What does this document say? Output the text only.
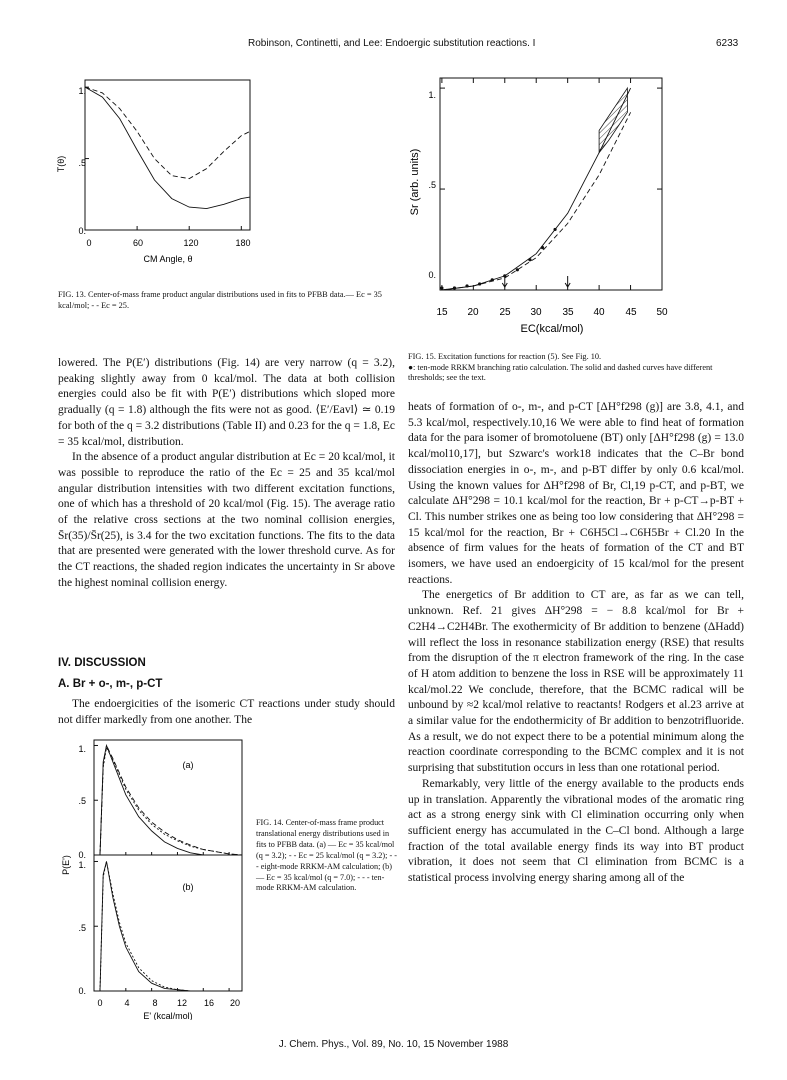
Robinson, Continetti, and Lee: Endoergic substitution reactions. I	6233
1.
.5
0.
0	60	120	180
CM Angle, θ
T(θ)
FIG. 13. Center-of-mass frame product angular distributions used in fits to PFBB data.— Ec = 35 kcal/mol; - - Ec = 25.
1.
.5
0.
15 20 25 30 35 40 45 50
EC(kcal/mol)
Sr (arb. units)
FIG. 15. Excitation functions for reaction (5). See Fig. 10.
●: ten-mode RRKM branching ratio calculation. The solid and dashed curves have different thresholds; see the text.

lowered. The P(E′) distributions (Fig. 14) are very narrow (q = 3.2), peaking slightly away from 0 kcal/mol. The data at both collision energies could also be fit with P(E′) distributions which sloped more gradually (q = 1.8) although the fits were not as good. ⟨E′/Eavl⟩ ≃ 0.19 for both of the q = 3.2 distributions (Table II) and 0.23 for the q = 1.8, Ec = 35 kcal/mol, distribution.

In the absence of a product angular distribution at Ec = 20 kcal/mol, it was possible to reproduce the ratio of the Ec = 25 and 35 kcal/mol angular distribution intensities with two different excitation functions, one of which has a threshold of 20 kcal/mol (Fig. 15). The average ratio of the relative cross sections at the two nominal collision energies, S̄r(35)/S̄r(25), is 3.4 for the two excitation functions. The fits to the data that are presented were generated with the lower threshold curve. As for the CT reactions, the shaded region indicates the uncertainty in Sr above the highest nominal collision energy.

IV. DISCUSSION
A. Br + o-, m-, p-CT

The endoergicities of the isomeric CT reactions under study should not differ markedly from one another. The

(a)
(b)
1.
.5
0.
1.
.5
0.
0 4	8 12 16 20
E' (kcal/mol)
P(E')
FIG. 14. Center-of-mass frame product translational energy distributions used in fits to PFBB data. (a) — Ec = 35 kcal/mol (q = 3.2); - - Ec = 25 kcal/mol (q = 3.2); - - - eight-mode RRKM-AM calculation; (b) — Ec = 35 kcal/mol (q = 7.0); - - - ten-mode RRKM-AM calculation.

heats of formation of o-, m-, and p-CT [ΔH°f298 (g)] are 3.8, 4.1, and 5.3 kcal/mol, respectively.10,16 We were able to find heat of formation data for the para isomer of bromotoluene (BT) only [ΔH°f298 (g) = 13.0 kcal/mol10,17], but Szwarc's work18 indicates that the C–Br bond dissociation energies in o-, m-, and p-BT differ by only 0.6 kcal/mol. Using the known values for ΔH°f298 of Br, Cl,19 p-CT, and p-BT, we calculate ΔH°298 = 10.1 kcal/mol for the reaction, Br + p-CT→p-BT + Cl. This number strikes one as being too low considering that ΔH°298 = 15 kcal/mol for the reaction, Br + C6H5Cl→C6H5Br + Cl.20 In the absence of firm values for the heats of formation of the CT and BT isomers, we have used an endoergicity of 15 kcal/mol for the present reactions.

The energetics of Br addition to CT are, as far as we can tell, unknown. Ref. 21 gives ΔH°298 = − 8.8 kcal/mol for Br + C2H4→C2H4Br. The exothermicity of Br addition to benzene (ΔHadd) will reflect the loss in resonance stabilization energy (RSE) that results from the disruption of the π electron framework of the ring. In the case of H atom addition to benzene the loss in RSE will be approximately 11 kcal/mol.22 We conclude, therefore, that the BCMC radical will be unbound by ≈2 kcal/mol relative to reactants! Rodgers et al.23 arrive at a similar value for the endothermicity of Br addition to benzotrifluoride. As a result, we do not expect there to be a potential minimum along the reaction coordinate corresponding to the BCMC complex and it is not surprising that substitution occurs in less than one rotational period.

Remarkably, very little of the energy available to the products ends up in translation. Apparently the vibrational modes of the aromatic ring act as a strong energy sink with Cl elimination occurring only when sufficient energy has accumulated in the C–Cl bond. Although a large fraction of the total available energy finds its way into BT product vibration, it does not seem that Cl elimination from BCMC is a statistical process involving energy sharing among all of the

J. Chem. Phys., Vol. 89, No. 10, 15 November 1988
